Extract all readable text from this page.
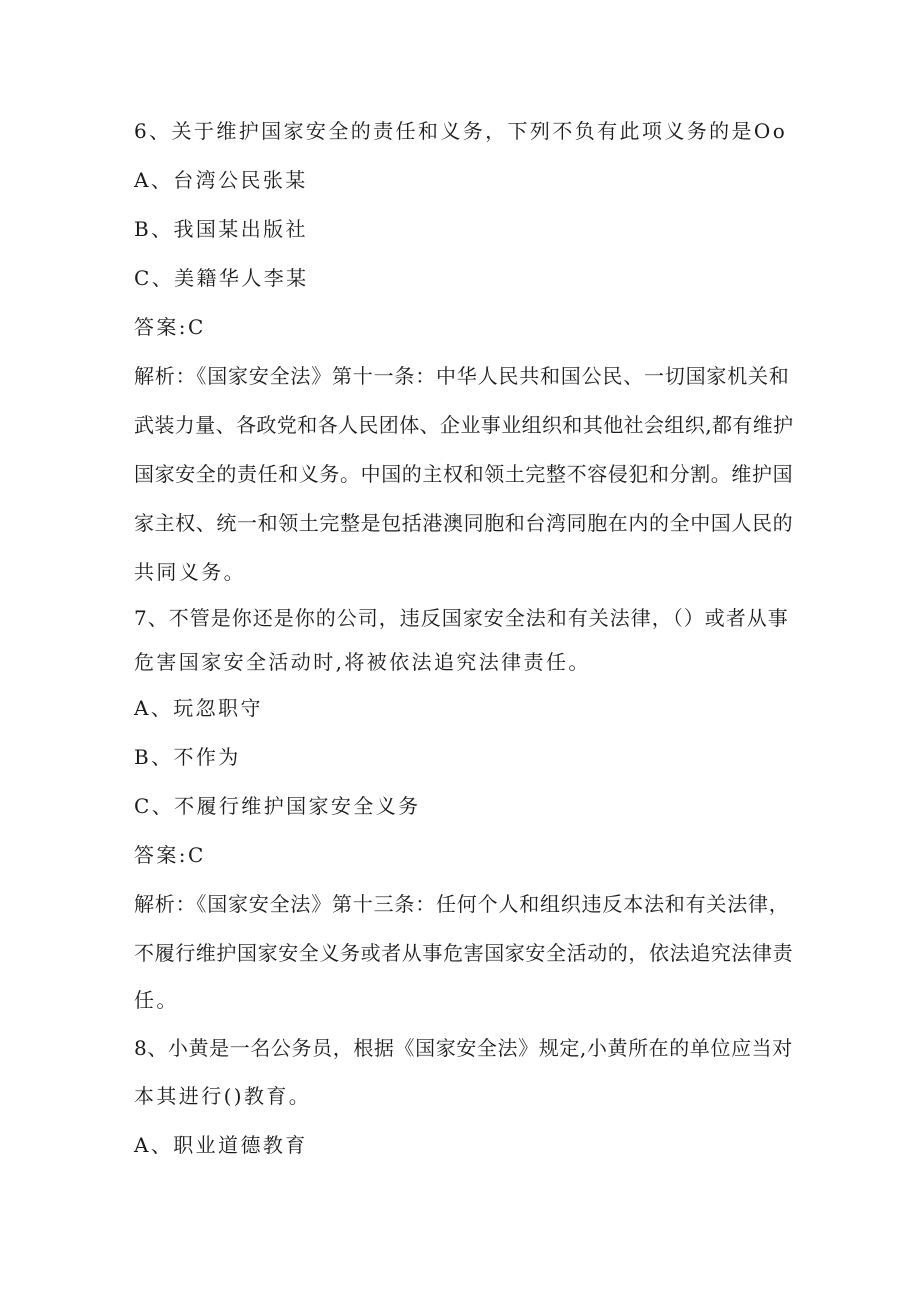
6、关于维护国家安全的责任和义务，下列不负有此项义务的是Oo
A、台湾公民张某
B、我国某出版社
C、美籍华人李某
答案:C
解析：《国家安全法》第十一条：中华人民共和国公民、一切国家机关和
武装力量、各政党和各人民团体、企业事业组织和其他社会组织,都有维护
国家安全的责任和义务。中国的主权和领土完整不容侵犯和分割。维护国
家主权、统一和领土完整是包括港澳同胞和台湾同胞在内的全中国人民的
共同义务。
7、不管是你还是你的公司，违反国家安全法和有关法律，（）或者从事
危害国家安全活动时,将被依法追究法律责任。
A、玩忽职守
B、不作为
C、不履行维护国家安全义务
答案:C
解析：《国家安全法》第十三条：任何个人和组织违反本法和有关法律，
不履行维护国家安全义务或者从事危害国家安全活动的，依法追究法律责
任。
8、小黄是一名公务员，根据《国家安全法》规定,小黄所在的单位应当对
本其进行()教育。
A、职业道德教育
